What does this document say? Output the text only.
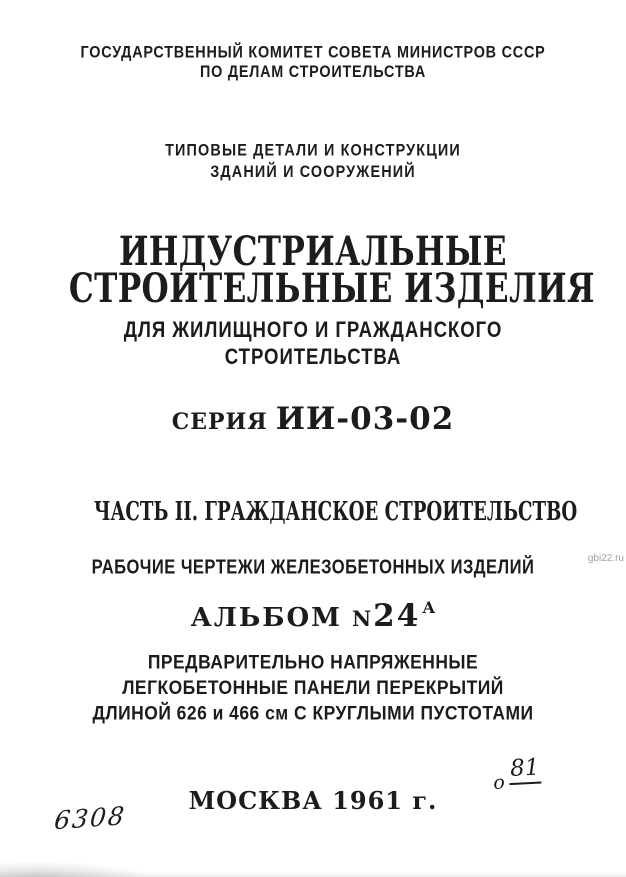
ГОСУДАРСТВЕННЫЙ КОМИТЕТ СОВЕТА МИНИСТРОВ СССР
ПО ДЕЛАМ СТРОИТЕЛЬСТВА
ТИПОВЫЕ ДЕТАЛИ И КОНСТРУКЦИИ
ЗДАНИЙ И СООРУЖЕНИЙ
ИНДУСТРИАЛЬНЫЕ
СТРОИТЕЛЬНЫЕ ИЗДЕЛИЯ
ДЛЯ ЖИЛИЩНОГО И ГРАЖДАНСКОГО
СТРОИТЕЛЬСТВА
СЕРИЯ ИИ-03-02
ЧАСТЬ II. ГРАЖДАНСКОЕ СТРОИТЕЛЬСТВО
РАБОЧИЕ ЧЕРТЕЖИ ЖЕЛЕЗОБЕТОННЫХ ИЗДЕЛИЙ
АЛЬБОМ N24 А
ПРЕДВАРИТЕЛЬНО НАПРЯЖЕННЫЕ
ЛЕГКОБЕТОННЫЕ ПАНЕЛИ ПЕРЕКРЫТИЙ
ДЛИНОЙ 626 и 466 см С КРУГЛЫМИ ПУСТОТАМИ
МОСКВА 1961 г.
6308
о81
gbi22.ru
